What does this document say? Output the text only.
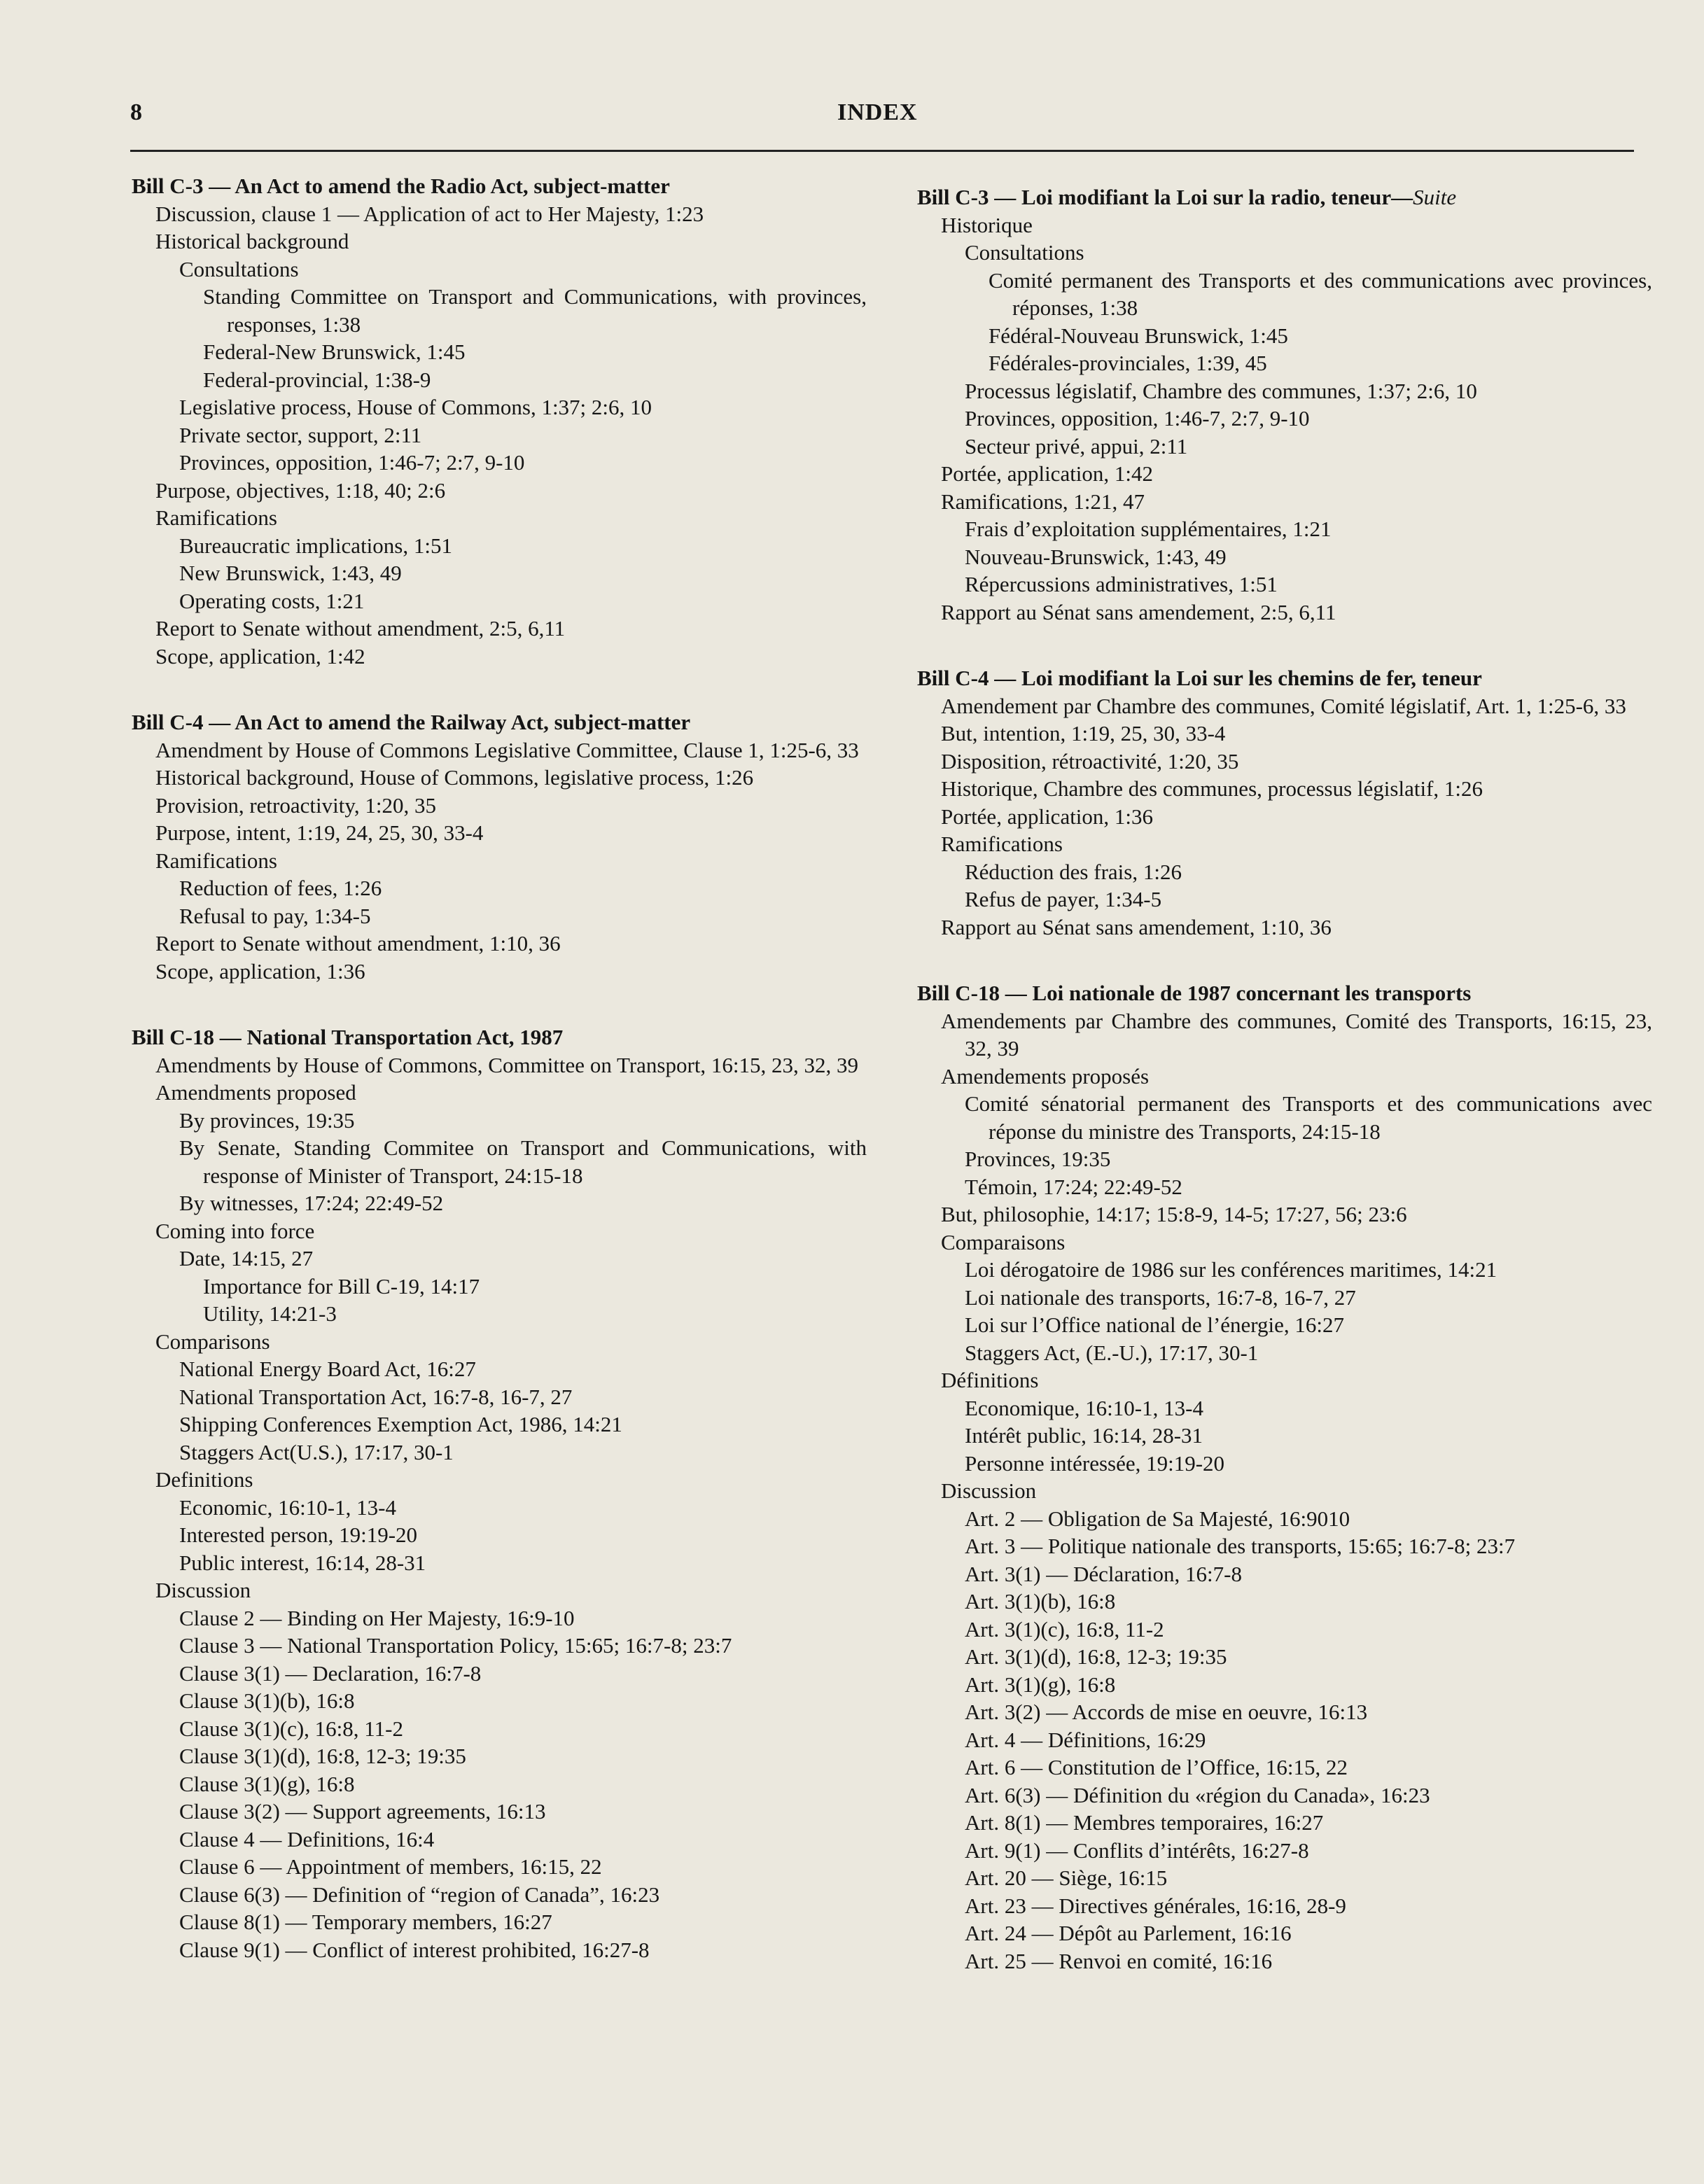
8	INDEX
Bill C-3 — An Act to amend the Radio Act, subject-matter
Discussion, clause 1 — Application of act to Her Majesty, 1:23
Historical background
Consultations
Standing Committee on Transport and Communications, with provinces, responses, 1:38
Federal-New Brunswick, 1:45
Federal-provincial, 1:38-9
Legislative process, House of Commons, 1:37; 2:6, 10
Private sector, support, 2:11
Provinces, opposition, 1:46-7; 2:7, 9-10
Purpose, objectives, 1:18, 40; 2:6
Ramifications
Bureaucratic implications, 1:51
New Brunswick, 1:43, 49
Operating costs, 1:21
Report to Senate without amendment, 2:5, 6,11
Scope, application, 1:42
Bill C-4 — An Act to amend the Railway Act, subject-matter
Amendment by House of Commons Legislative Committee, Clause 1, 1:25-6, 33
Historical background, House of Commons, legislative process, 1:26
Provision, retroactivity, 1:20, 35
Purpose, intent, 1:19, 24, 25, 30, 33-4
Ramifications
Reduction of fees, 1:26
Refusal to pay, 1:34-5
Report to Senate without amendment, 1:10, 36
Scope, application, 1:36
Bill C-18 — National Transportation Act, 1987
Amendments by House of Commons, Committee on Transport, 16:15, 23, 32, 39
Amendments proposed
By provinces, 19:35
By Senate, Standing Commitee on Transport and Communications, with response of Minister of Transport, 24:15-18
By witnesses, 17:24; 22:49-52
Coming into force
Date, 14:15, 27
Importance for Bill C-19, 14:17
Utility, 14:21-3
Comparisons
National Energy Board Act, 16:27
National Transportation Act, 16:7-8, 16-7, 27
Shipping Conferences Exemption Act, 1986, 14:21
Staggers Act(U.S.), 17:17, 30-1
Definitions
Economic, 16:10-1, 13-4
Interested person, 19:19-20
Public interest, 16:14, 28-31
Discussion
Clause 2 — Binding on Her Majesty, 16:9-10
Clause 3 — National Transportation Policy, 15:65; 16:7-8; 23:7
Clause 3(1) — Declaration, 16:7-8
Clause 3(1)(b), 16:8
Clause 3(1)(c), 16:8, 11-2
Clause 3(1)(d), 16:8, 12-3; 19:35
Clause 3(1)(g), 16:8
Clause 3(2) — Support agreements, 16:13
Clause 4 — Definitions, 16:4
Clause 6 — Appointment of members, 16:15, 22
Clause 6(3) — Definition of “region of Canada”, 16:23
Clause 8(1) — Temporary members, 16:27
Clause 9(1) — Conflict of interest prohibited, 16:27-8
Bill C-3 — Loi modifiant la Loi sur la radio, teneur—Suite
Historique
Consultations
Comité permanent des Transports et des communications avec provinces, réponses, 1:38
Fédéral-Nouveau Brunswick, 1:45
Fédérales-provinciales, 1:39, 45
Processus législatif, Chambre des communes, 1:37; 2:6, 10
Provinces, opposition, 1:46-7, 2:7, 9-10
Secteur privé, appui, 2:11
Portée, application, 1:42
Ramifications, 1:21, 47
Frais d’exploitation supplémentaires, 1:21
Nouveau-Brunswick, 1:43, 49
Répercussions administratives, 1:51
Rapport au Sénat sans amendement, 2:5, 6,11
Bill C-4 — Loi modifiant la Loi sur les chemins de fer, teneur
Amendement par Chambre des communes, Comité législatif, Art. 1, 1:25-6, 33
But, intention, 1:19, 25, 30, 33-4
Disposition, rétroactivité, 1:20, 35
Historique, Chambre des communes, processus législatif, 1:26
Portée, application, 1:36
Ramifications
Réduction des frais, 1:26
Refus de payer, 1:34-5
Rapport au Sénat sans amendement, 1:10, 36
Bill C-18 — Loi nationale de 1987 concernant les transports
Amendements par Chambre des communes, Comité des Transports, 16:15, 23, 32, 39
Amendements proposés
Comité sénatorial permanent des Transports et des communications avec réponse du ministre des Transports, 24:15-18
Provinces, 19:35
Témoin, 17:24; 22:49-52
But, philosophie, 14:17; 15:8-9, 14-5; 17:27, 56; 23:6
Comparaisons
Loi dérogatoire de 1986 sur les conférences maritimes, 14:21
Loi nationale des transports, 16:7-8, 16-7, 27
Loi sur l’Office national de l’énergie, 16:27
Staggers Act, (E.-U.), 17:17, 30-1
Définitions
Economique, 16:10-1, 13-4
Intérêt public, 16:14, 28-31
Personne intéressée, 19:19-20
Discussion
Art. 2 — Obligation de Sa Majesté, 16:9010
Art. 3 — Politique nationale des transports, 15:65; 16:7-8; 23:7
Art. 3(1) — Déclaration, 16:7-8
Art. 3(1)(b), 16:8
Art. 3(1)(c), 16:8, 11-2
Art. 3(1)(d), 16:8, 12-3; 19:35
Art. 3(1)(g), 16:8
Art. 3(2) — Accords de mise en oeuvre, 16:13
Art. 4 — Définitions, 16:29
Art. 6 — Constitution de l’Office, 16:15, 22
Art. 6(3) — Définition du «région du Canada», 16:23
Art. 8(1) — Membres temporaires, 16:27
Art. 9(1) — Conflits d’intérêts, 16:27-8
Art. 20 — Siège, 16:15
Art. 23 — Directives générales, 16:16, 28-9
Art. 24 — Dépôt au Parlement, 16:16
Art. 25 — Renvoi en comité, 16:16
